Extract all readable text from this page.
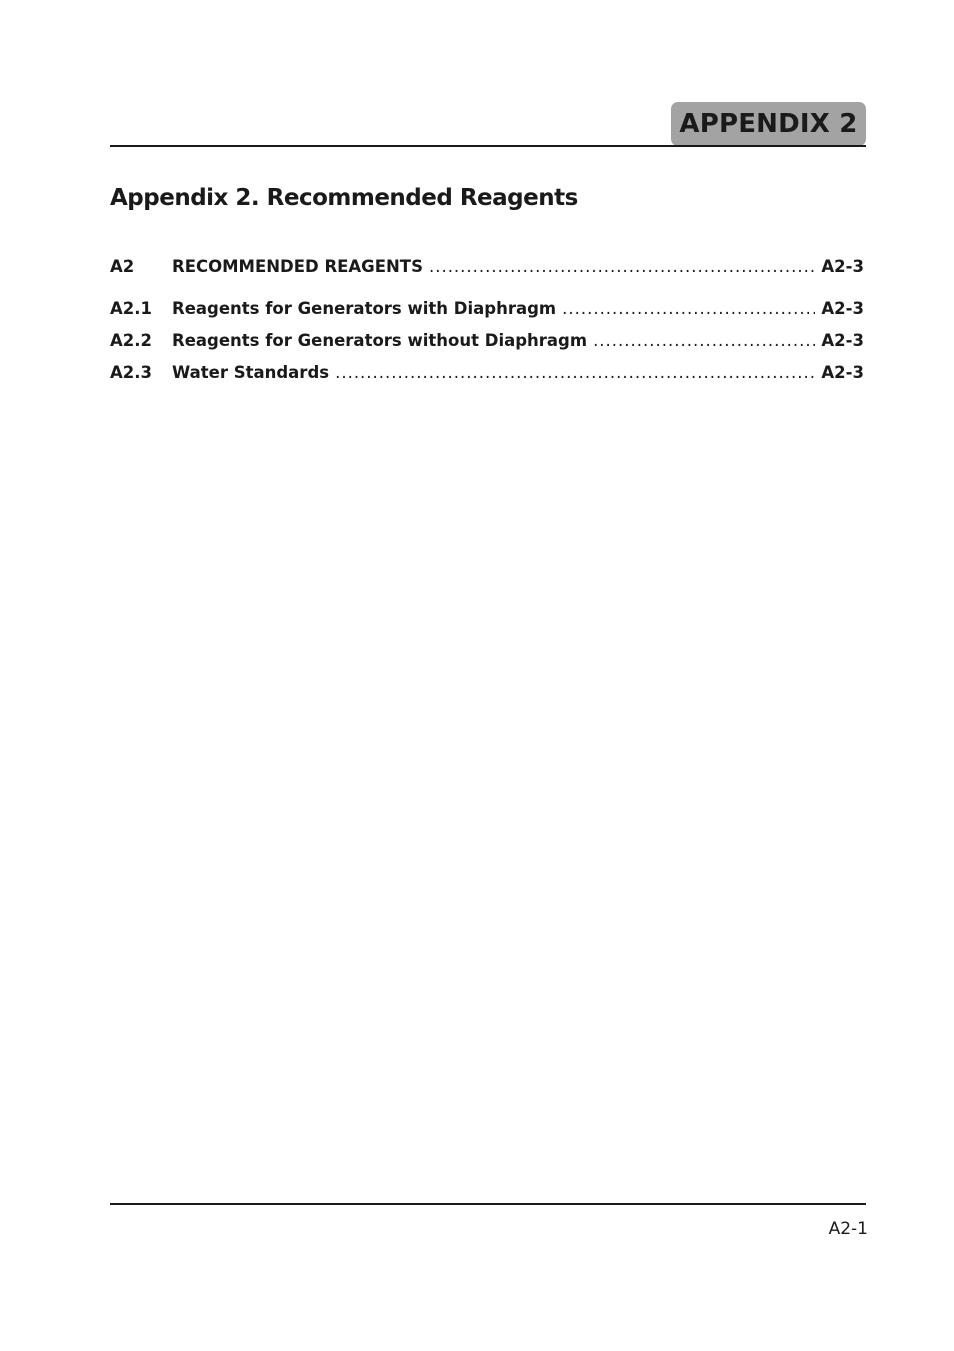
APPENDIX 2
Appendix 2. Recommended Reagents
A2	RECOMMENDED REAGENTS .....	A2-3
A2.1	Reagents for Generators with Diaphragm .....	A2-3
A2.2	Reagents for Generators without Diaphragm .....	A2-3
A2.3	Water Standards .....	A2-3
A2-1
